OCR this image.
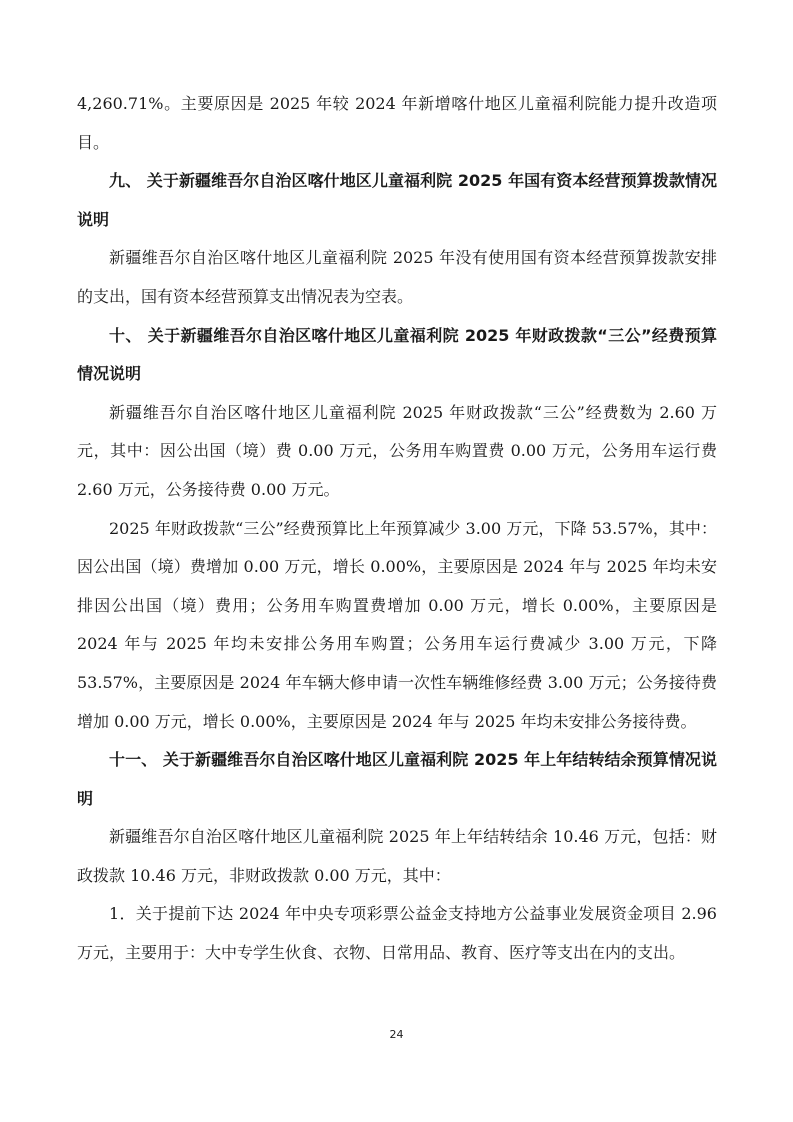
4,260.71%。主要原因是 2025 年较 2024 年新增喀什地区儿童福利院能力提升改造项目。

九、 关于新疆维吾尔自治区喀什地区儿童福利院 2025 年国有资本经营预算拨款情况说明

新疆维吾尔自治区喀什地区儿童福利院 2025 年没有使用国有资本经营预算拨款安排的支出，国有资本经营预算支出情况表为空表。

十、 关于新疆维吾尔自治区喀什地区儿童福利院 2025 年财政拨款“三公”经费预算情况说明

新疆维吾尔自治区喀什地区儿童福利院 2025 年财政拨款“三公”经费数为 2.60 万元，其中：因公出国（境）费 0.00 万元，公务用车购置费 0.00 万元，公务用车运行费 2.60 万元，公务接待费 0.00 万元。

2025 年财政拨款“三公”经费预算比上年预算减少 3.00 万元，下降 53.57%，其中：因公出国（境）费增加 0.00 万元，增长 0.00%，主要原因是 2024 年与 2025 年均未安排因公出国（境）费用；公务用车购置费增加 0.00 万元，增长 0.00%，主要原因是 2024 年与 2025 年均未安排公务用车购置；公务用车运行费减少 3.00 万元，下降 53.57%，主要原因是 2024 年车辆大修申请一次性车辆维修经费 3.00 万元；公务接待费增加 0.00 万元，增长 0.00%，主要原因是 2024 年与 2025 年均未安排公务接待费。

十一、 关于新疆维吾尔自治区喀什地区儿童福利院 2025 年上年结转结余预算情况说明

新疆维吾尔自治区喀什地区儿童福利院 2025 年上年结转结余 10.46 万元，包括：财政拨款 10.46 万元，非财政拨款 0.00 万元，其中：

1．关于提前下达 2024 年中央专项彩票公益金支持地方公益事业发展资金项目 2.96 万元，主要用于：大中专学生伙食、衣物、日常用品、教育、医疗等支出在内的支出。

24
